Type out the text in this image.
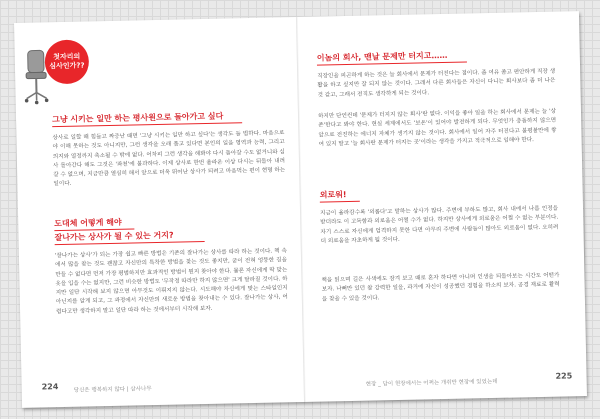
첫자리의
심사인가??

그냥 시키는 일만 하는 평사원으로 돌아가고 싶다

상사로 일할 때 힘들고 짜증난 때면 '그냥 시키는 일만 하고 싶다'는 생각도 들 법하다. 마음으로야 이해 못하는 것도 아니지만, 그런 생각을 오래 품고 있다면 본인의 일을 영역과 능력, 그리고 의지와 열정까지 축소될 수 밖에 없다. 어차피 그런 생각을 해봐야 다시 돌아갈 수도 없거니와 심사 돌아간다 해도 그것은 '좌천'에 불과하다. 이제 상사로 한번 올라온 이상 다시는 뒤돌아 내려갈 수 없으며, 지금만큼 열심히 해서 앞으로 더욱 뛰어난 상사가 되려고 마음먹는 편이 현명 하는 일이다.

도대체 어떻게 해야

잘나가는 상사가 될 수 있는 거지?

'잘나가는 상사'가 되는 가장 쉽고 빠른 방법은 기존의 잘나가는 상사를 따라 하는 것이다. 책 속에서 많을 찾는 것도 괜찮고 자신만의 특착한 방법을 찾는 것도 좋지만, 굳이 전혀 엉뚱한 길을 만들 수 없다면 먼저 가장 평범하지만 효과적인 방법이 뭔지 찾아야 한다. 물론 자신에게 딱 맞는 옷을 입을 수는 없지만, 그런 비슷한 방법도 '무작정 따라만 하지 않으면' 크게 달라질 것이다. 하지만 일단 시작해 보지 않으면 아무것도 이뤄지지 않는다. 시도해야 자신에게 맞는 스타일인지 아닌지를 알게 되고, 그 과정에서 자신만의 새로운 방법을 찾아내는 수 있다. 잘나가는 상사, 어렵다고만 생각하지 말고 일단 따라 하는 것에서부터 시작해 보자.

224	당신은 행복하지 않다 | 삼사나무

이놈의 회사, 맨날 문제만 터지고……

직장인을 피곤하게 하는 것은 늘 회사에서 문제가 터진다는 점이다. 좀 여유 좀고 편안하게 직장 생활을 하고 싶지만 잘 되지 않는 것이다. 그래서 다른 회사들은 자신이 다니는 회사보다 좀 더 나은 것 같고, 그래서 전직도 생각하게 되는 것이다.

하지만 단언컨데 '문제가 터지지 않는 회사'란 없다. 이익을 좋아 일을 하는 회사에서 문제는 늘 '상존'한다고 봐야 한다. 현실 세계에서도 '보온'이 있어야 발전하게 되다. 무엇인가 충돌하지 않으면 앞으로 전진하는 에너지 자체가 생기지 않는 것이다. 회사에서 일어 자주 터진다고 불평불만에 쌓여 있지 말고 '늘 회사란 문제가 터지는 곳'이라는 생각을 가지고 적극적으로 임해야 한다.

외로워!

지금이 올라감수록 '외롭다'고 말하는 상사가 많다. 주변에 부하도 많고, 회사 내에서 나름 인정을 받더라도 이 고독함과 외로움은 어쩔 수가 없다. 하지만 상사에게 외로움은 어쩔 수 없는 부분이다. 자기 스스로 자신에게 엄격하지 못한 다면 아무리 주변에 사람들이 많아도 외로움이 없다. 오히려 더 외로움을 자초하게 될 것이다.

책을 읽으며 길은 사색에도 잠겨 보고 때로 혼자 하다면 아니며 인생을 되돌아보는 시간도 어떤가 보자. 나뻐만 있던 참 강력한 일을, 과거에 자신이 성공했던 경험을 하소의 보자. 공경 재료로 활력을 찾을 수 있을 것이다.

현장 _ 답이 현장에서는 어쩌는 개쥐만 현장에 있었는데
225
